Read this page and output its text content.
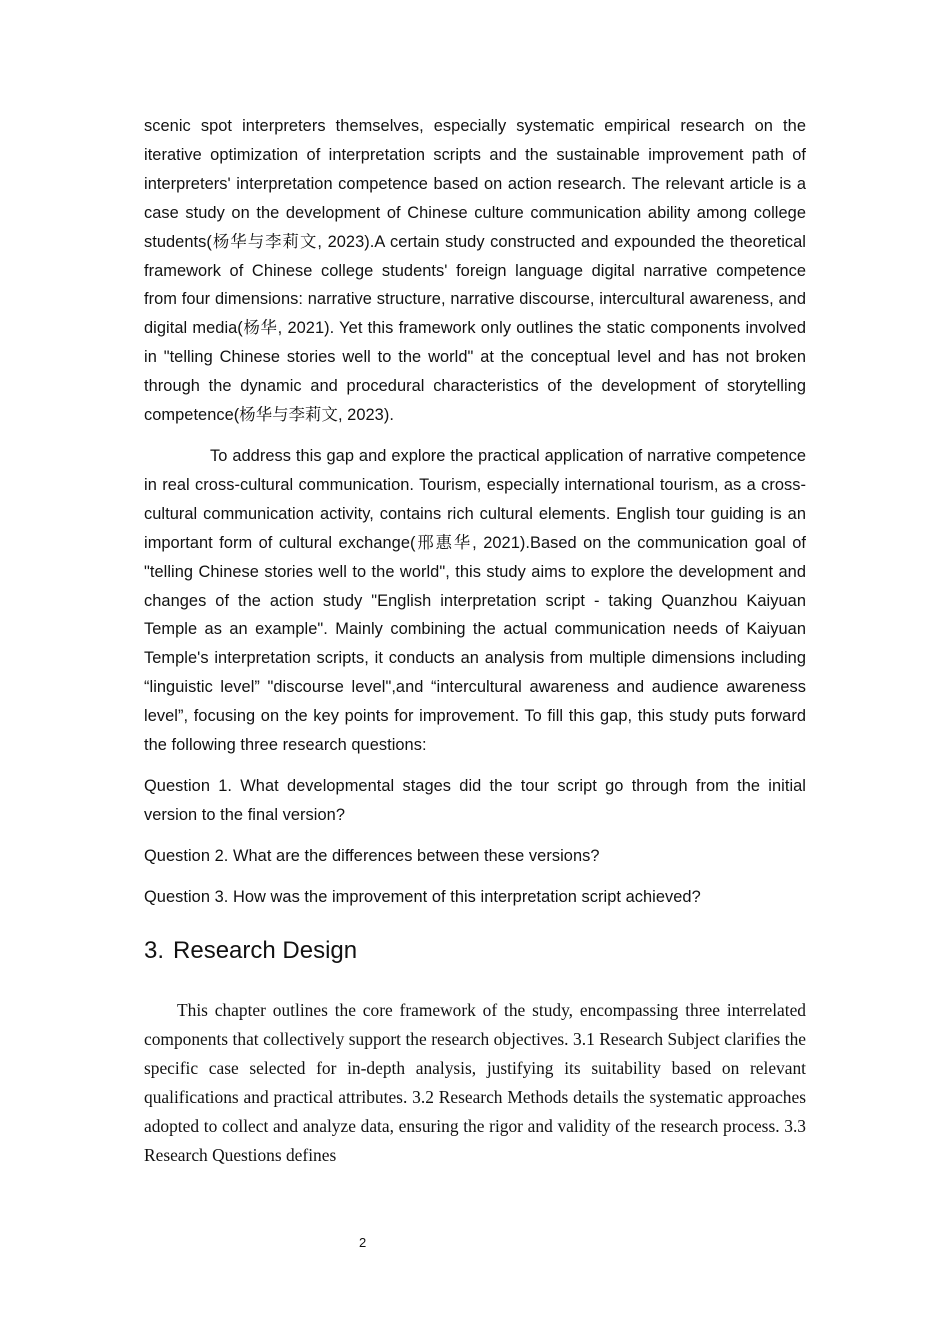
scenic spot interpreters themselves, especially systematic empirical research on the iterative optimization of interpretation scripts and the sustainable improvement path of interpreters' interpretation competence based on action research. The relevant article is a case study on the development of Chinese culture communication ability among college students(杨华与李莉文, 2023).A certain study constructed and expounded the theoretical framework of Chinese college students' foreign language digital narrative competence from four dimensions: narrative structure, narrative discourse, intercultural awareness, and digital media(杨华, 2021). Yet this framework only outlines the static components involved in "telling Chinese stories well to the world" at the conceptual level and has not broken through the dynamic and procedural characteristics of the development of storytelling competence(杨华与李莉文, 2023).

To address this gap and explore the practical application of narrative competence in real cross-cultural communication. Tourism, especially international tourism, as a cross-cultural communication activity, contains rich cultural elements. English tour guiding is an important form of cultural exchange(邢惠华, 2021).Based on the communication goal of "telling Chinese stories well to the world", this study aims to explore the development and changes of the action study "English interpretation script - taking Quanzhou Kaiyuan Temple as an example". Mainly combining the actual communication needs of Kaiyuan Temple's interpretation scripts, it conducts an analysis from multiple dimensions including “linguistic level” "discourse level",and “intercultural awareness and audience awareness level”, focusing on the key points for improvement. To fill this gap, this study puts forward the following three research questions:

Question 1. What developmental stages did the tour script go through from the initial version to the final version?

Question 2. What are the differences between these versions?

Question 3. How was the improvement of this interpretation script achieved?

3. Research Design

This chapter outlines the core framework of the study, encompassing three interrelated components that collectively support the research objectives. 3.1 Research Subject clarifies the specific case selected for in-depth analysis, justifying its suitability based on relevant qualifications and practical attributes. 3.2 Research Methods details the systematic approaches adopted to collect and analyze data, ensuring the rigor and validity of the research process. 3.3 Research Questions defines

2
